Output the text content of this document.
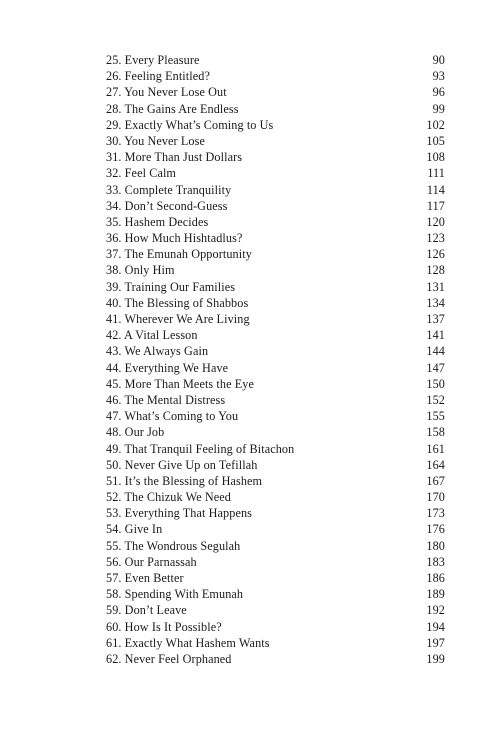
25. Every Pleasure	90
26. Feeling Entitled?	93
27. You Never Lose Out	96
28. The Gains Are Endless	99
29. Exactly What’s Coming to Us	102
30. You Never Lose	105
31. More Than Just Dollars	108
32. Feel Calm	111
33. Complete Tranquility	114
34. Don’t Second-Guess	117
35. Hashem Decides	120
36. How Much Hishtadlus?	123
37. The Emunah Opportunity	126
38. Only Him	128
39. Training Our Families	131
40. The Blessing of Shabbos	134
41. Wherever We Are Living	137
42. A Vital Lesson	141
43. We Always Gain	144
44. Everything We Have	147
45. More Than Meets the Eye	150
46. The Mental Distress	152
47. What’s Coming to You	155
48. Our Job	158
49. That Tranquil Feeling of Bitachon	161
50. Never Give Up on Tefillah	164
51. It’s the Blessing of Hashem	167
52. The Chizuk We Need	170
53. Everything That Happens	173
54. Give In	176
55. The Wondrous Segulah	180
56. Our Parnassah	183
57. Even Better	186
58. Spending With Emunah	189
59. Don’t Leave	192
60. How Is It Possible?	194
61. Exactly What Hashem Wants	197
62. Never Feel Orphaned	199
